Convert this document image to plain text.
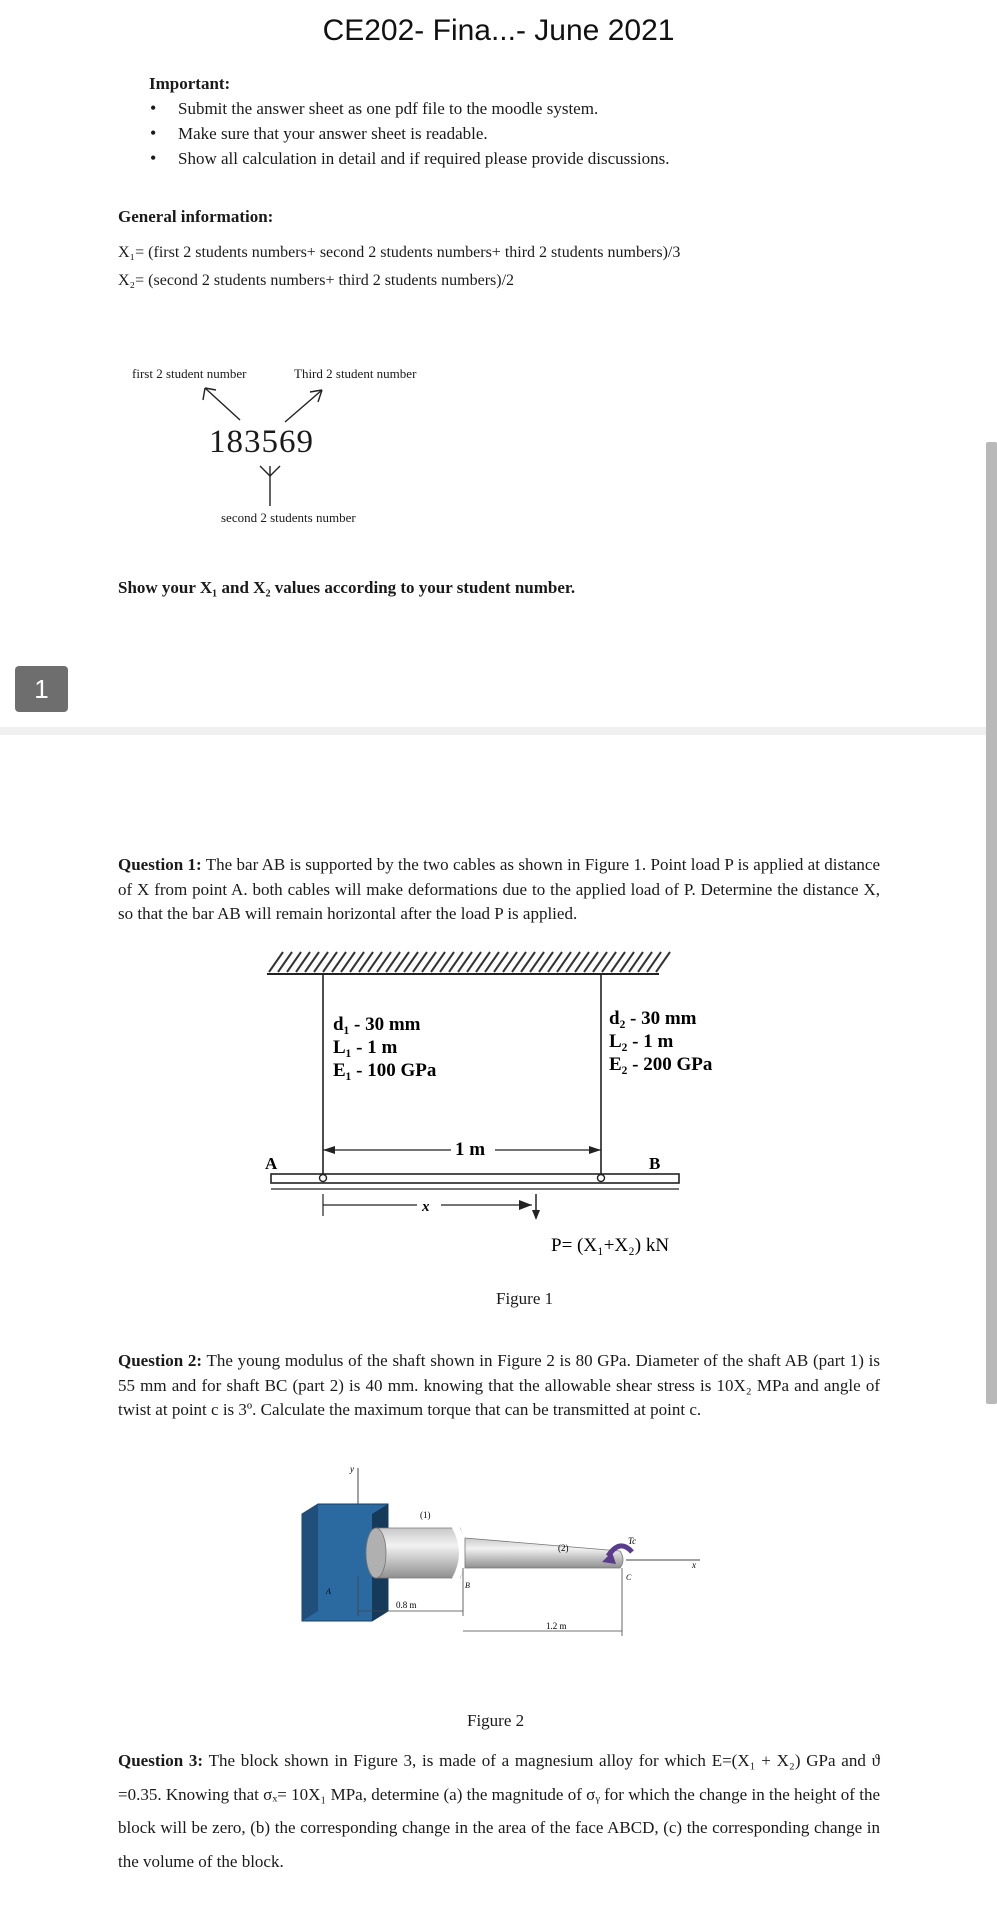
CE202- Fina...- June 2021
Important:
• Submit the answer sheet as one pdf file to the moodle system.
• Make sure that your answer sheet is readable.
• Show all calculation in detail and if required please provide discussions.
General information:
X₁= (first 2 students numbers+ second 2 students numbers+ third 2 students numbers)/3
X₂= (second 2 students numbers+ third 2 students numbers)/2
first 2 student number	Third 2 student number
183569
second 2 students number
Show your X₁ and X₂ values according to your student number.
1
Question 1: The bar AB is supported by the two cables as shown in Figure 1. Point load P is applied at distance of X from point A. both cables will make deformations due to the applied load of P. Determine the distance X, so that the bar AB will remain horizontal after the load P is applied.
d₁ - 30 mm
L₁ - 1 m
E₁ - 100 GPa
d₂ - 30 mm
L₂ - 1 m
E₂ - 200 GPa
1 m
A	B
x
P= (X₁+X₂) kN
Figure 1
Question 2: The young modulus of the shaft shown in Figure 2 is 80 GPa. Diameter of the shaft AB (part 1) is 55 mm and for shaft BC (part 2) is 40 mm. knowing that the allowable shear stress is 10X₂ MPa and angle of twist at point c is 3º. Calculate the maximum torque that can be transmitted at point c.
y
A
(1)
(2)
Tc
x
B
C
0.8 m
1.2 m
Figure 2
Question 3: The block shown in Figure 3, is made of a magnesium alloy for which E=(X₁ + X₂) GPa and ϑ =0.35. Knowing that σₓ= 10X₁ MPa, determine (a) the magnitude of σᵧ for which the change in the height of the block will be zero, (b) the corresponding change in the area of the face ABCD, (c) the corresponding change in the volume of the block.
